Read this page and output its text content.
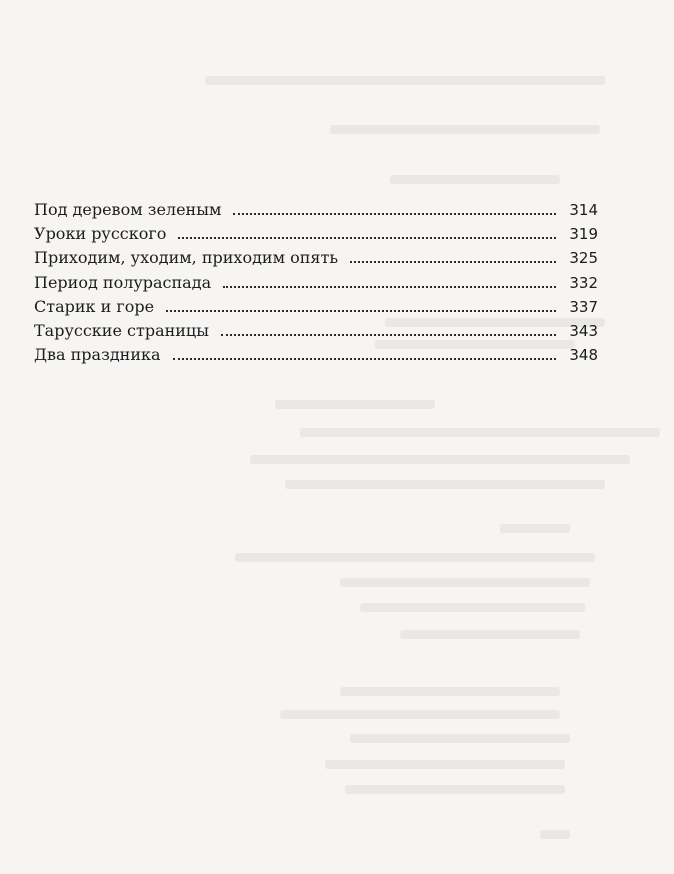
Под деревом зеленым	314
Уроки русского	319
Приходим, уходим, приходим опять	325
Период полураспада	332
Старик и горе	337
Тарусские страницы	343
Два праздника	348
